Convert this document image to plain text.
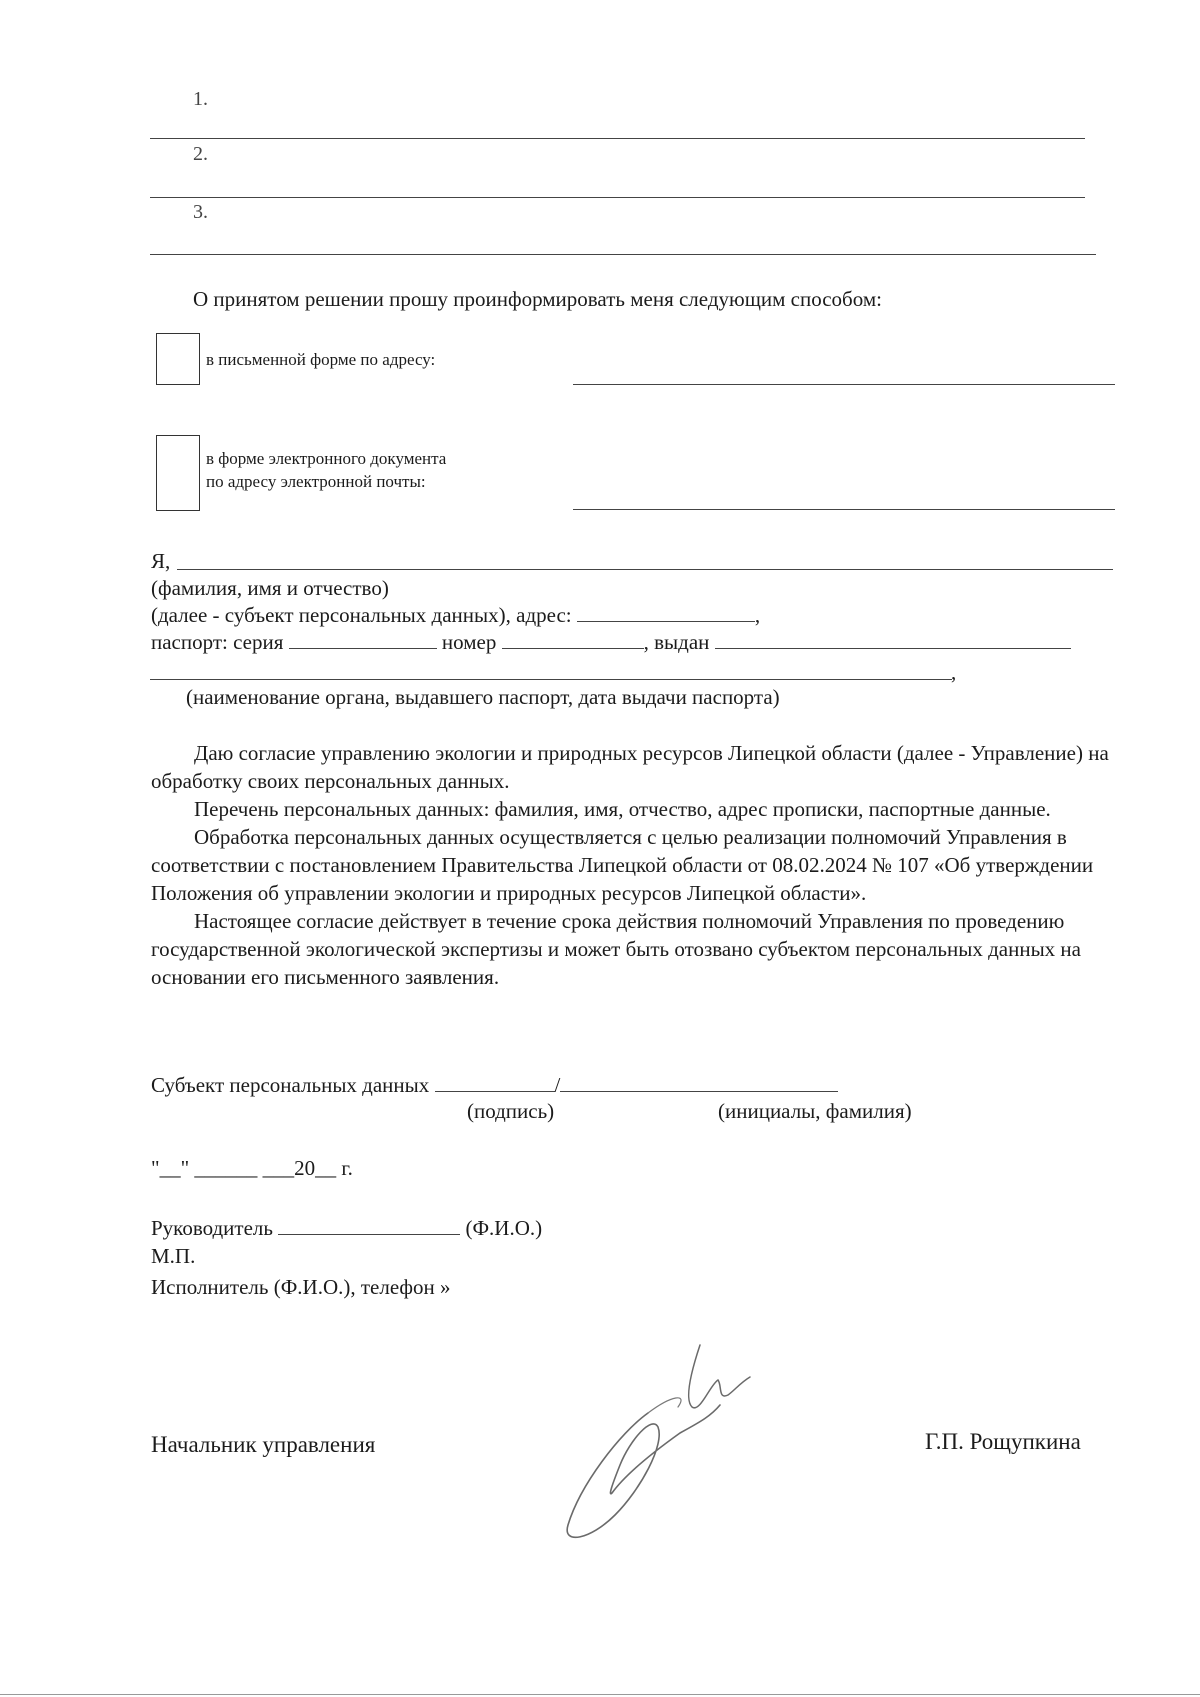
1.
2.
3.
О принятом решении прошу проинформировать меня следующим способом:
в письменной форме по адресу:
в форме электронного документа
по адресу электронной почты:
Я,
(фамилия, имя и отчество)
(далее - субъект персональных данных), адрес:	,
паспорт: серия	номер	, выдан
,
(наименование органа, выдавшего паспорт, дата выдачи паспорта)

Даю согласие управлению экологии и природных ресурсов Липецкой области (далее - Управление) на обработку своих персональных данных.

Перечень персональных данных: фамилия, имя, отчество, адрес прописки, паспортные данные.

Обработка персональных данных осуществляется с целью реализации полномочий Управления в соответствии с постановлением Правительства Липецкой области от 08.02.2024 № 107 «Об утверждении Положения об управлении экологии и природных ресурсов Липецкой области».

Настоящее согласие действует в течение срока действия полномочий Управления по проведению государственной экологической экспертизы и может быть отозвано субъектом персональных данных на основании его письменного заявления.

Субъект персональных данных	/
(подпись)	(инициалы, фамилия)
"__" ______ ___20__ г.
Руководитель	(Ф.И.О.)
М.П.
Исполнитель (Ф.И.О.), телефон »
Начальник управления	Г.П. Рощупкина
